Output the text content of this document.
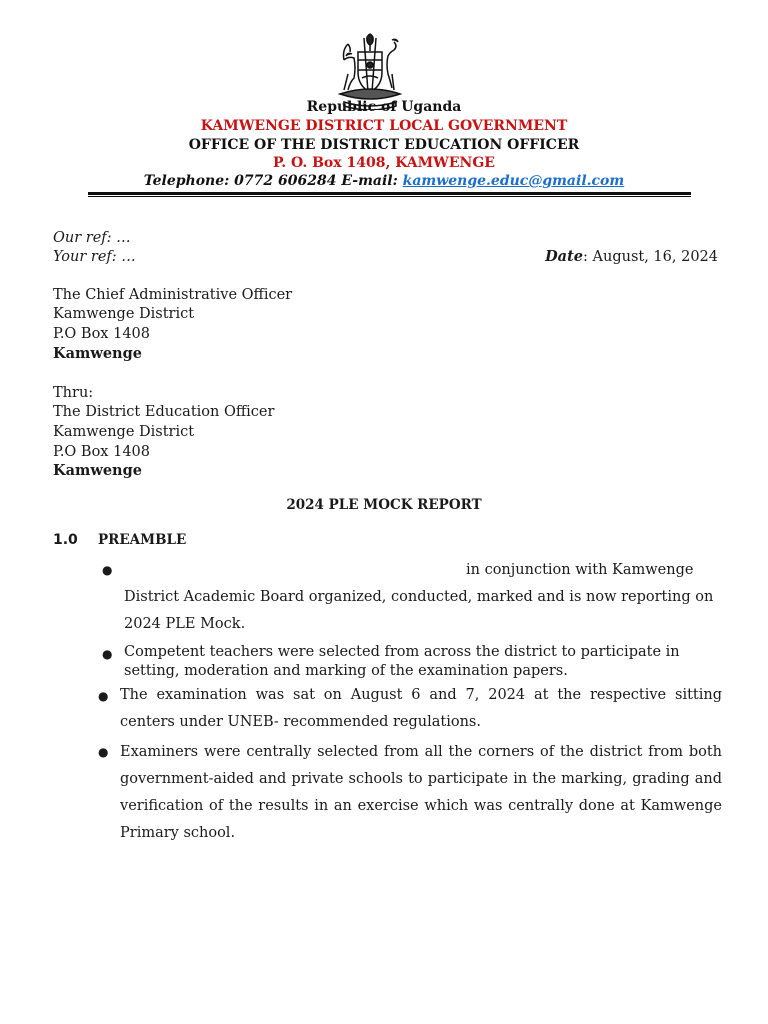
Republic of Uganda
KAMWENGE DISTRICT LOCAL GOVERNMENT
OFFICE OF THE DISTRICT EDUCATION OFFICER
P. O. Box 1408, KAMWENGE
Telephone: 0772 606284 E-mail: kamwenge.educ@gmail.com
Our ref: …
Your ref: …	Date: August, 16, 2024
The Chief Administrative Officer
Kamwenge District
P.O Box 1408
Kamwenge
Thru:
The District Education Officer
Kamwenge District
P.O Box 1408
Kamwenge
2024 PLE MOCK REPORT
1.0 PREAMBLE
●	in conjunction with Kamwenge
District Academic Board organized, conducted, marked and is now reporting on 2024 PLE Mock.
● Competent teachers were selected from across the district to participate in setting, moderation and marking of the examination papers.
● The examination was sat on August 6 and 7, 2024 at the respective sitting centers under UNEB- recommended regulations.
● Examiners were centrally selected from all the corners of the district from both government-aided and private schools to participate in the marking, grading and verification of the results in an exercise which was centrally done at Kamwenge Primary school.
